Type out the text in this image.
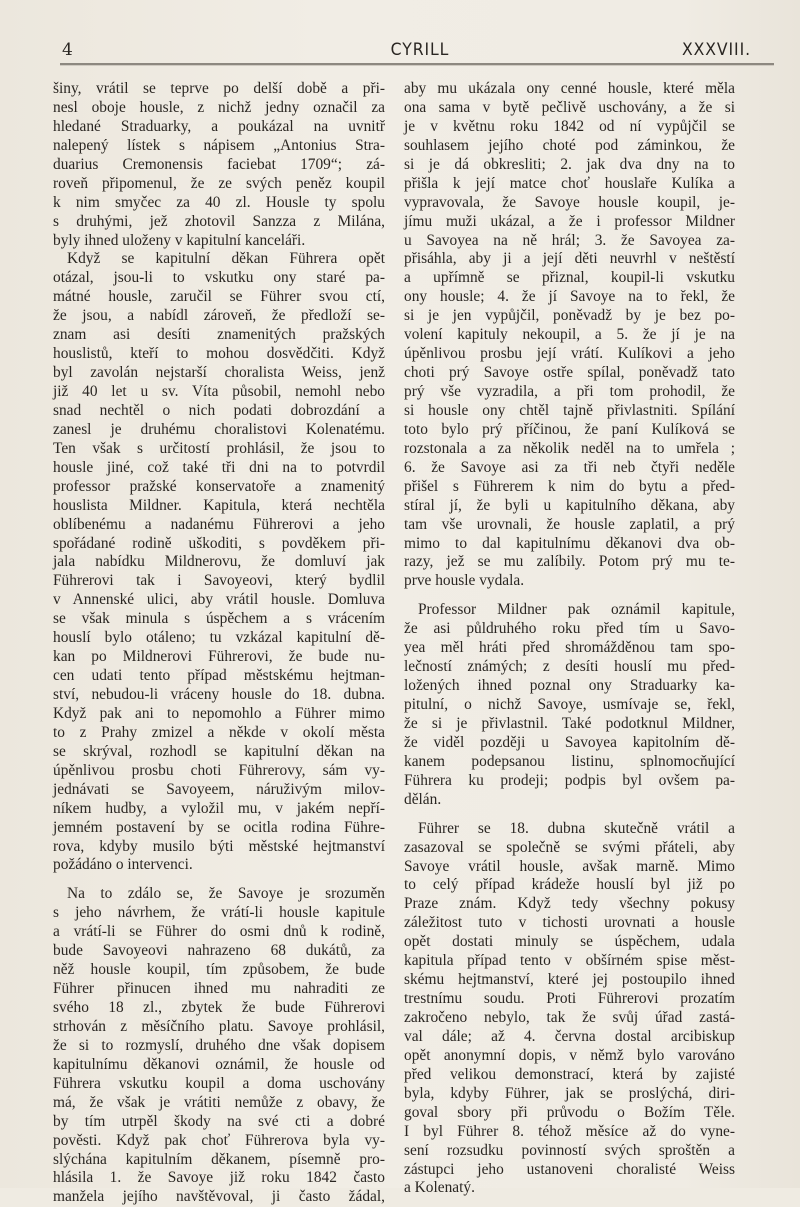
4	CYRILL	XXXVIII.
šiny, vrátil se teprve po delší době a při-
nesl oboje housle, z nichž jedny označil za
hledané Straduarky, a poukázal na uvnitř
nalepený lístek s nápisem „Antonius Stra-
duarius Cremonensis faciebat 1709“; zá-
roveň připomenul, že ze svých peněz koupil
k nim smyčec za 40 zl. Housle ty spolu
s druhými, jež zhotovil Sanzza z Milána,
byly ihned uloženy v kapitulní kanceláři.
Když se kapitulní děkan Führera opět
otázal, jsou-li to vskutku ony staré pa-
mátné housle, zaručil se Führer svou ctí,
že jsou, a nabídl zároveň, že předloží se-
znam asi desíti znamenitých pražských
houslistů, kteří to mohou dosvědčiti. Když
byl zavolán nejstarší choralista Weiss, jenž
již 40 let u sv. Víta působil, nemohl nebo
snad nechtěl o nich podati dobrozdání a
zanesl je druhému choralistovi Kolenatému.
Ten však s určitostí prohlásil, že jsou to
housle jiné, což také tři dni na to potvrdil
professor pražské konservatoře a znamenitý
houslista Mildner. Kapitula, která nechtěla
oblíbenému a nadanému Führerovi a jeho
spořádané rodině uškoditi, s povděkem při-
jala nabídku Mildnerovu, že domluví jak
Führerovi tak i Savoyeovi, který bydlil
v Annenské ulici, aby vrátil housle. Domluva
se však minula s úspěchem a s vrácením
houslí bylo otáleno; tu vzkázal kapitulní dě-
kan po Mildnerovi Führerovi, že bude nu-
cen udati tento případ městskému hejtman-
ství, nebudou-li vráceny housle do 18. dubna.
Když pak ani to nepomohlo a Führer mimo
to z Prahy zmizel a někde v okolí města
se skrýval, rozhodl se kapitulní děkan na
úpěnlivou prosbu choti Führerovy, sám vy-
jednávati se Savoyeem, náruživým milov-
níkem hudby, a vyložil mu, v jakém nepří-
jemném postavení by se ocitla rodina Führe-
rova, kdyby musilo býti městské hejtmanství
požádáno o intervenci.
Na to zdálo se, že Savoye je srozuměn
s jeho návrhem, že vrátí-li housle kapitule
a vrátí-li se Führer do osmi dnů k rodině,
bude Savoyeovi nahrazeno 68 dukátů, za
něž housle koupil, tím způsobem, že bude
Führer přinucen ihned mu nahraditi ze
svého 18 zl., zbytek že bude Führerovi
strhován z měsíčního platu. Savoye prohlásil,
že si to rozmyslí, druhého dne však dopisem
kapitulnímu děkanovi oznámil, že housle od
Führera vskutku koupil a doma uschovány
má, že však je vrátiti nemůže z obavy, že
by tím utrpěl škody na své cti a dobré
pověsti. Když pak choť Führerova byla vy-
slýchána kapitulním děkanem, písemně pro-
hlásila 1. že Savoye již roku 1842 často
manžela jejího navštěvoval, ji často žádal,
aby mu ukázala ony cenné housle, které měla
ona sama v bytě pečlivě uschovány, a že si
je v květnu roku 1842 od ní vypůjčil se
souhlasem jejího choté pod záminkou, že
si je dá obkresliti; 2. jak dva dny na to
přišla k její matce choť houslaře Kulíka a
vypravovala, že Savoye housle koupil, je-
jímu muži ukázal, a že i professor Mildner
u Savoyea na ně hrál; 3. že Savoyea za-
přisáhla, aby ji a její děti neuvrhl v neštěstí
a upřímně se přiznal, koupil-li vskutku
ony housle; 4. že jí Savoye na to řekl, že
si je jen vypůjčil, poněvadž by je bez po-
volení kapituly nekoupil, a 5. že jí je na
úpěnlivou prosbu její vrátí. Kulíkovi a jeho
choti prý Savoye ostře spílal, poněvadž tato
prý vše vyzradila, a při tom prohodil, že
si housle ony chtěl tajně přivlastniti. Spílání
toto bylo prý příčinou, že paní Kulíková se
rozstonala a za několik neděl na to umřela ;
6. že Savoye asi za tři neb čtyři neděle
přišel s Führerem k nim do bytu a před-
stíral jí, že byli u kapitulního děkana, aby
tam vše urovnali, že housle zaplatil, a prý
mimo to dal kapitulnímu děkanovi dva ob-
razy, jež se mu zalíbily. Potom prý mu te-
prve housle vydala.
Professor Mildner pak oznámil kapitule,
že asi půldruhého roku před tím u Savo-
yea měl hráti před shromážděnou tam spo-
lečností známých; z desíti houslí mu před-
ložených ihned poznal ony Straduarky ka-
pitulní, o nichž Savoye, usmívaje se, řekl,
že si je přivlastnil. Také podotknul Mildner,
že viděl později u Savoyea kapitolním dě-
kanem podepsanou listinu, splnomocňující
Führera ku prodeji; podpis byl ovšem pa-
dělán.
Führer se 18. dubna skutečně vrátil a
zasazoval se společně se svými přáteli, aby
Savoye vrátil housle, avšak marně. Mimo
to celý případ krádeže houslí byl již po
Praze znám. Když tedy všechny pokusy
záležitost tuto v tichosti urovnati a housle
opět dostati minuly se úspěchem, udala
kapitula případ tento v obšírném spise měst-
skému hejtmanství, které jej postoupilo ihned
trestnímu soudu. Proti Führerovi prozatím
zakročeno nebylo, tak že svůj úřad zastá-
val dále; až 4. června dostal arcibiskup
opět anonymní dopis, v němž bylo varováno
před velikou demonstrací, která by zajisté
byla, kdyby Führer, jak se proslýchá, diri-
goval sbory při průvodu o Božím Těle.
I byl Führer 8. téhož měsíce až do vyne-
sení rozsudku povinností svých sproštěn a
zástupci jeho ustanoveni choralisté Weiss
a Kolenatý.
